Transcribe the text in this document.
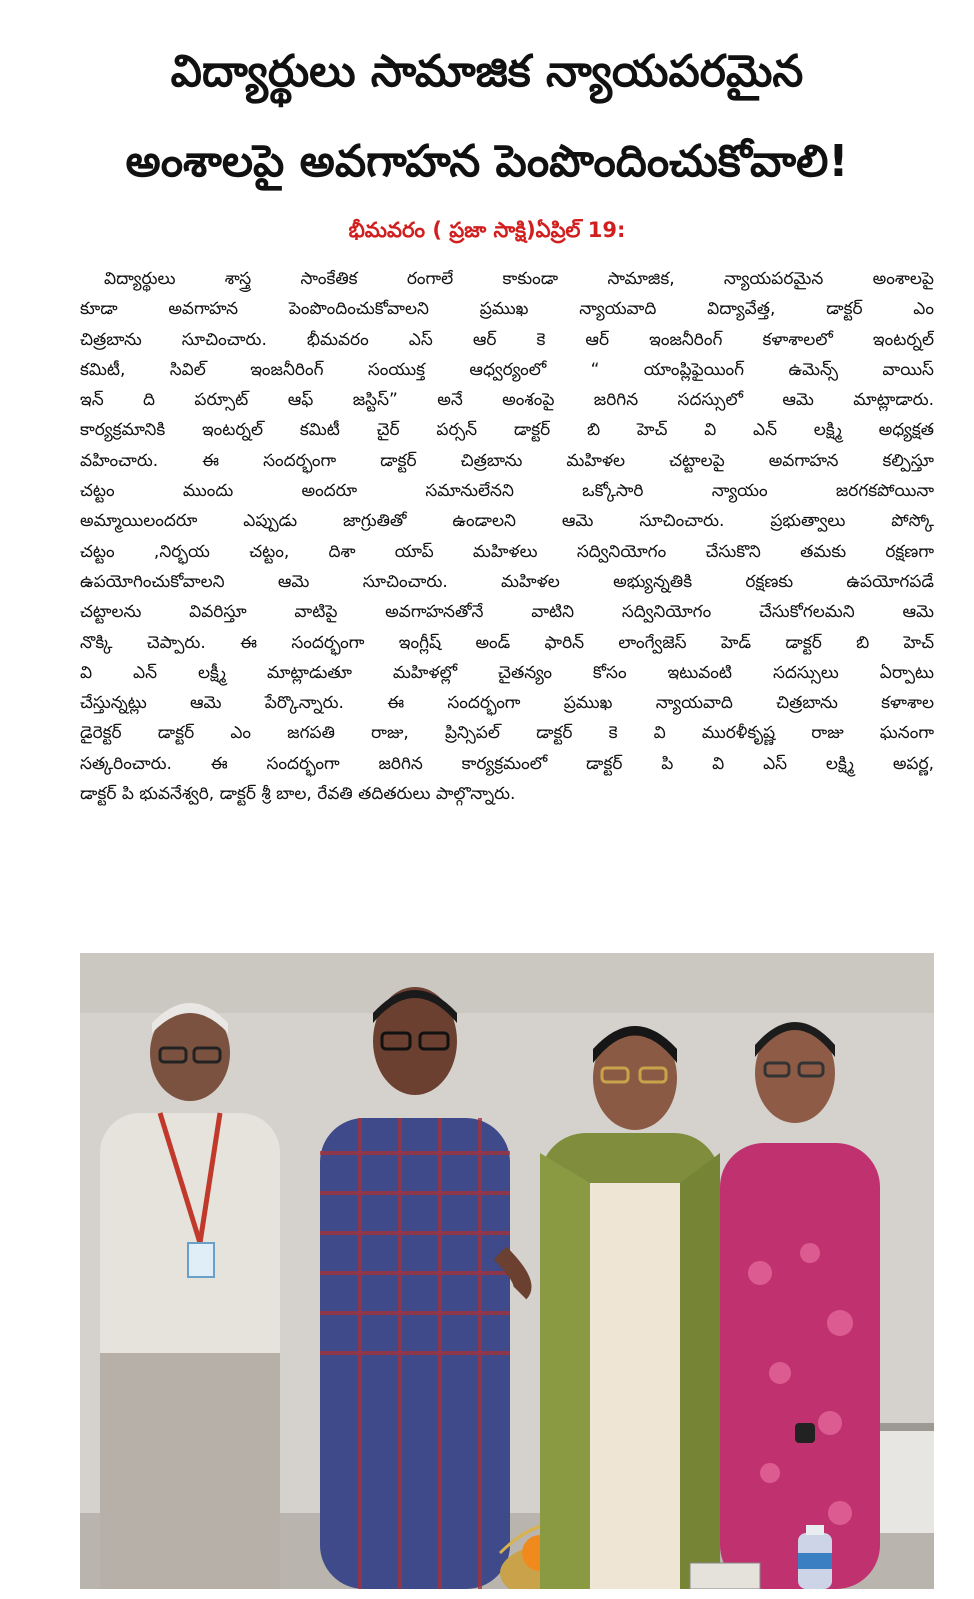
విద్యార్థులు సామాజిక న్యాయపరమైన
అంశాలపై అవగాహన పెంపొందించుకోవాలి!
భీమవరం ( ప్రజా సాక్షి)ఏప్రిల్ 19:
విద్యార్థులు శాస్త్ర సాంకేతిక రంగాలే కాకుండా సామాజిక, న్యాయపరమైన అంశాలపై
కూడా అవగాహన పెంపొందించుకోవాలని ప్రముఖ న్యాయవాది విద్యావేత్త, డాక్టర్ ఎం
చిత్రబాను సూచించారు. భీమవరం ఎస్ ఆర్ కె ఆర్ ఇంజనీరింగ్ కళాశాలలో ఇంటర్నల్
కమిటీ, సివిల్ ఇంజనీరింగ్ సంయుక్త ఆధ్వర్యంలో “ యాంప్లిఫైయింగ్ ఉమెన్స్ వాయిస్
ఇన్ ది పర్సూట్ ఆఫ్ జస్టిస్” అనే అంశంపై జరిగిన సదస్సులో ఆమె మాట్లాడారు.
కార్యక్రమానికి ఇంటర్నల్ కమిటీ చైర్ పర్సన్ డాక్టర్ బి హెచ్ వి ఎన్ లక్ష్మి అధ్యక్షత
వహించారు. ఈ సందర్భంగా డాక్టర్ చిత్రబాను మహిళల చట్టాలపై అవగాహన కల్పిస్తూ
చట్టం ముందు అందరూ సమానులేనని ఒక్కోసారి న్యాయం జరగకపోయినా
అమ్మాయిలందరూ ఎప్పుడు జాగ్రుతితో ఉండాలని ఆమె సూచించారు. ప్రభుత్వాలు పోస్కో
చట్టం ,నిర్భయ చట్టం, దిశా యాప్ మహిళలు సద్వినియోగం చేసుకొని తమకు రక్షణగా
ఉపయోగించుకోవాలని ఆమె సూచించారు. మహిళల అభ్యున్నతికి రక్షణకు ఉపయోగపడే
చట్టాలను వివరిస్తూ వాటిపై అవగాహనతోనే వాటిని సద్వినియోగం చేసుకోగలమని ఆమె
నొక్కి చెప్పారు. ఈ సందర్భంగా ఇంగ్లీష్ అండ్ ఫారిన్ లాంగ్వేజెస్ హెడ్ డాక్టర్ బి హెచ్
వి ఎన్ లక్ష్మీ మాట్లాడుతూ మహిళల్లో చైతన్యం కోసం ఇటువంటి సదస్సులు ఏర్పాటు
చేస్తున్నట్లు ఆమె పేర్కొన్నారు. ఈ సందర్భంగా ప్రముఖ న్యాయవాది చిత్రబాను కళాశాల
డైరెక్టర్ డాక్టర్ ఎం జగపతి రాజు, ప్రిన్సిపల్ డాక్టర్ కె వి మురళీకృష్ణ రాజు ఘనంగా
సత్కరించారు. ఈ సందర్భంగా జరిగిన కార్యక్రమంలో డాక్టర్ పి వి ఎస్ లక్ష్మి అపర్ణ,
డాక్టర్ పి భువనేశ్వరి, డాక్టర్ శ్రీ బాల, రేవతి తదితరులు పాల్గొన్నారు.
